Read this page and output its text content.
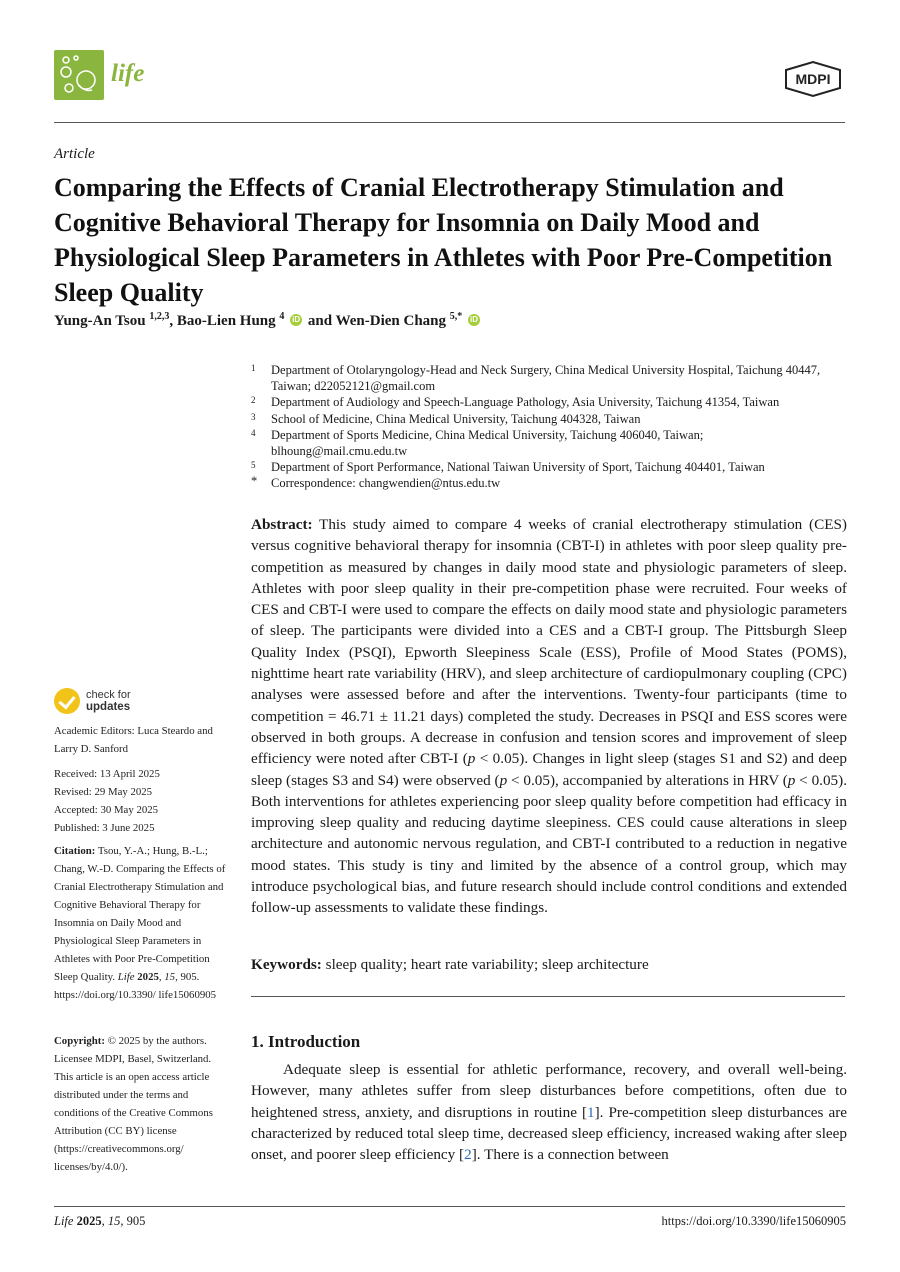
life	MDPI
Article
Comparing the Effects of Cranial Electrotherapy Stimulation and Cognitive Behavioral Therapy for Insomnia on Daily Mood and Physiological Sleep Parameters in Athletes with Poor Pre-Competition Sleep Quality
Yung-An Tsou $^{1,2,3}$, Bao-Lien Hung $^4$ iD and Wen-Dien Chang $^{5,*}$ iD
1	Department of Otolaryngology-Head and Neck Surgery, China Medical University Hospital, Taichung 40447, Taiwan; d22052121@gmail.com
2	Department of Audiology and Speech-Language Pathology, Asia University, Taichung 41354, Taiwan
3	School of Medicine, China Medical University, Taichung 404328, Taiwan
4	Department of Sports Medicine, China Medical University, Taichung 406040, Taiwan; blhoung@mail.cmu.edu.tw
5	Department of Sport Performance, National Taiwan University of Sport, Taichung 404401, Taiwan
*	Correspondence: changwendien@ntus.edu.tw
Abstract: This study aimed to compare 4 weeks of cranial electrotherapy stimulation (CES) versus cognitive behavioral therapy for insomnia (CBT-I) in athletes with poor sleep quality pre-competition as measured by changes in daily mood state and physiologic parameters of sleep. Athletes with poor sleep quality in their pre-competition phase were recruited. Four weeks of CES and CBT-I were used to compare the effects on daily mood state and physiologic parameters of sleep. The participants were divided into a CES and a CBT-I group. The Pittsburgh Sleep Quality Index (PSQI), Epworth Sleepiness Scale (ESS), Profile of Mood States (POMS), nighttime heart rate variability (HRV), and sleep architecture of cardiopulmonary coupling (CPC) analyses were assessed before and after the interventions. Twenty-four participants (time to competition = 46.71 ± 11.21 days) completed the study. Decreases in PSQI and ESS scores were observed in both groups. A decrease in confusion and tension scores and improvement of sleep efficiency were noted after CBT-I (p < 0.05). Changes in light sleep (stages S1 and S2) and deep sleep (stages S3 and S4) were observed (p < 0.05), accompanied by alterations in HRV (p < 0.05). Both interventions for athletes experiencing poor sleep quality before competition had efficacy in improving sleep quality and reducing daytime sleepiness. CES could cause alterations in sleep architecture and autonomic nervous regulation, and CBT-I contributed to a reduction in negative mood states. This study is tiny and limited by the absence of a control group, which may introduce psychological bias, and future research should include control conditions and extended follow-up assessments to validate these findings.
Keywords: sleep quality; heart rate variability; sleep architecture
1. Introduction
Adequate sleep is essential for athletic performance, recovery, and overall well-being. However, many athletes suffer from sleep disturbances before competitions, often due to heightened stress, anxiety, and disruptions in routine [1]. Pre-competition sleep disturbances are characterized by reduced total sleep time, decreased sleep efficiency, increased waking after sleep onset, and poorer sleep efficiency [2]. There is a connection between
check for
updates
Academic Editors: Luca Steardo and Larry D. Sanford
Received: 13 April 2025
Revised: 29 May 2025
Accepted: 30 May 2025
Published: 3 June 2025
Citation: Tsou, Y.-A.; Hung, B.-L.; Chang, W.-D. Comparing the Effects of Cranial Electrotherapy Stimulation and Cognitive Behavioral Therapy for Insomnia on Daily Mood and Physiological Sleep Parameters in Athletes with Poor Pre-Competition Sleep Quality. Life 2025, 15, 905. https://doi.org/10.3390/ life15060905
Copyright: © 2025 by the authors. Licensee MDPI, Basel, Switzerland. This article is an open access article distributed under the terms and conditions of the Creative Commons Attribution (CC BY) license (https://creativecommons.org/ licenses/by/4.0/).
Life 2025, 15, 905	https://doi.org/10.3390/life15060905
